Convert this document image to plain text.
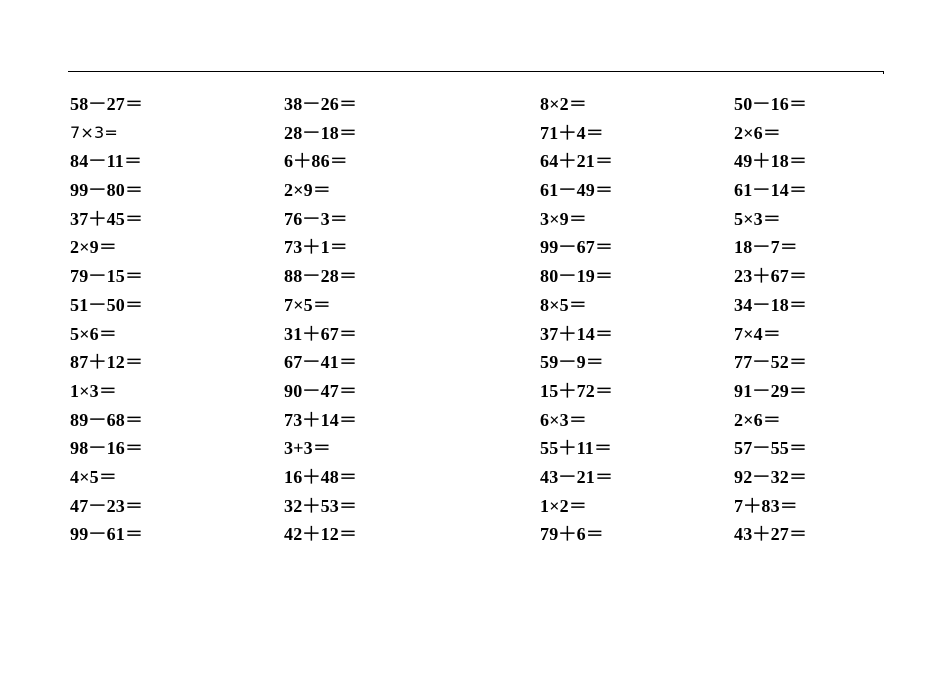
58－27＝
7×3=
84－11＝
99－80＝
37＋45＝
2×9＝
79－15＝
51－50＝
5×6＝
87＋12＝
1×3＝
89－68＝
98－16＝
4×5＝
47－23＝
99－61＝
38－26＝
28－18＝
6＋86＝
2×9＝
76－3＝
73＋1＝
88－28＝
7×5＝
31＋67＝
67－41＝
90－47＝
73＋14＝
3+3＝
16＋48＝
32＋53＝
42＋12＝
8×2＝
71＋4＝
64＋21＝
61－49＝
3×9＝
99－67＝
80－19＝
8×5＝
37＋14＝
59－9＝
15＋72＝
6×3＝
55＋11＝
43－21＝
1×2＝
79＋6＝
50－16＝
2×6＝
49＋18＝
61－14＝
5×3＝
18－7＝
23＋67＝
34－18＝
7×4＝
77－52＝
91－29＝
2×6＝
57－55＝
92－32＝
7＋83＝
43＋27＝
